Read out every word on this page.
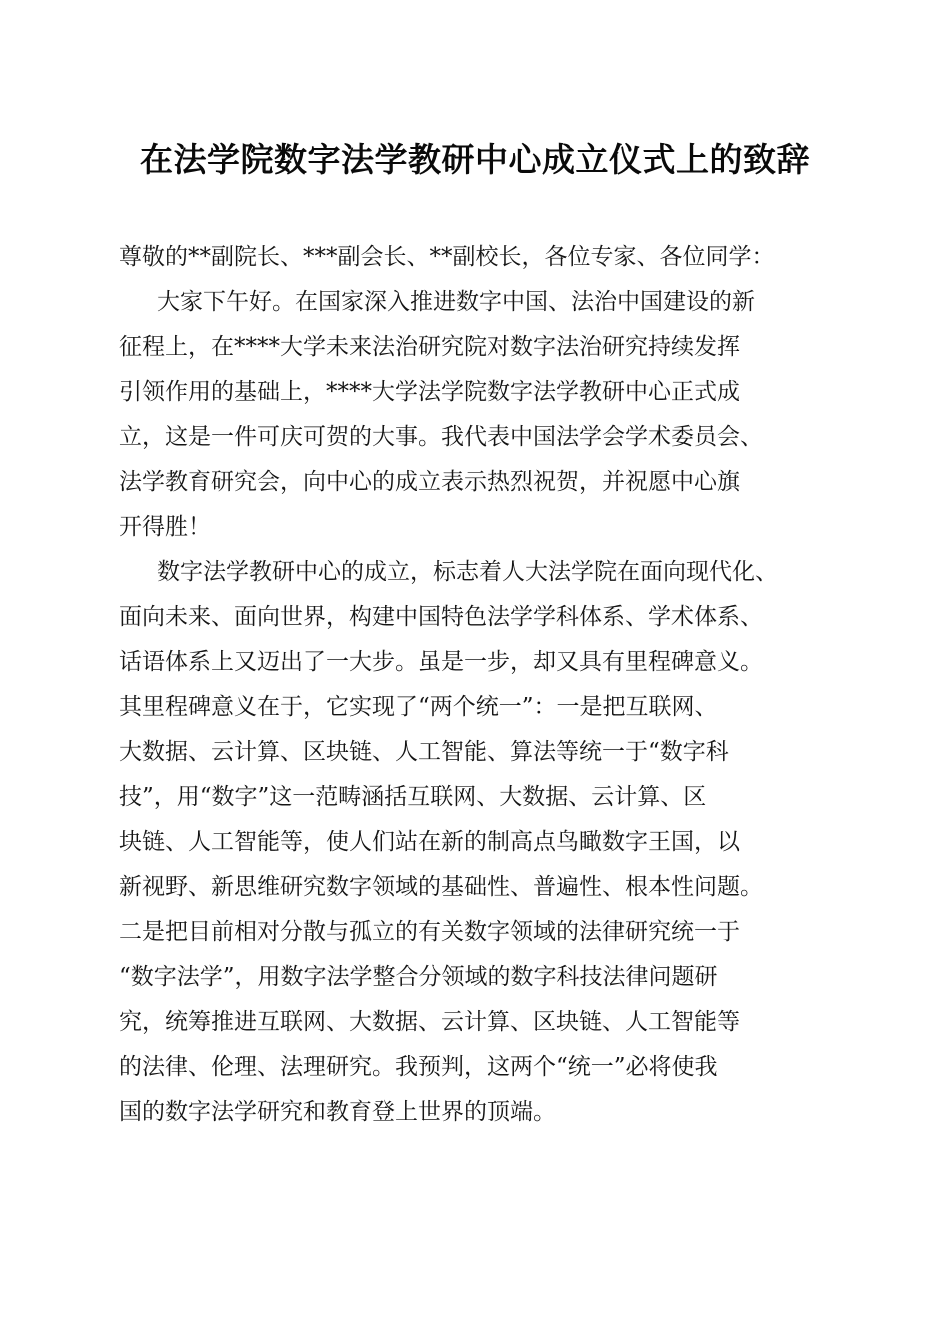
在法学院数字法学教研中心成立仪式上的致辞

尊敬的**副院长、***副会长、**副校长，各位专家、各位同学：

大家下午好。在国家深入推进数字中国、法治中国建设的新

征程上，在****大学未来法治研究院对数字法治研究持续发挥

引领作用的基础上，****大学法学院数字法学教研中心正式成

立，这是一件可庆可贺的大事。我代表中国法学会学术委员会、

法学教育研究会，向中心的成立表示热烈祝贺，并祝愿中心旗

开得胜！

数字法学教研中心的成立，标志着人大法学院在面向现代化、

面向未来、面向世界，构建中国特色法学学科体系、学术体系、

话语体系上又迈出了一大步。虽是一步，却又具有里程碑意义。

其里程碑意义在于，它实现了“两个统一”：一是把互联网、

大数据、云计算、区块链、人工智能、算法等统一于“数字科

技”，用“数字”这一范畴涵括互联网、大数据、云计算、区

块链、人工智能等，使人们站在新的制高点鸟瞰数字王国，以

新视野、新思维研究数字领域的基础性、普遍性、根本性问题。

二是把目前相对分散与孤立的有关数字领域的法律研究统一于

“数字法学”，用数字法学整合分领域的数字科技法律问题研

究，统筹推进互联网、大数据、云计算、区块链、人工智能等

的法律、伦理、法理研究。我预判，这两个“统一”必将使我

国的数字法学研究和教育登上世界的顶端。
